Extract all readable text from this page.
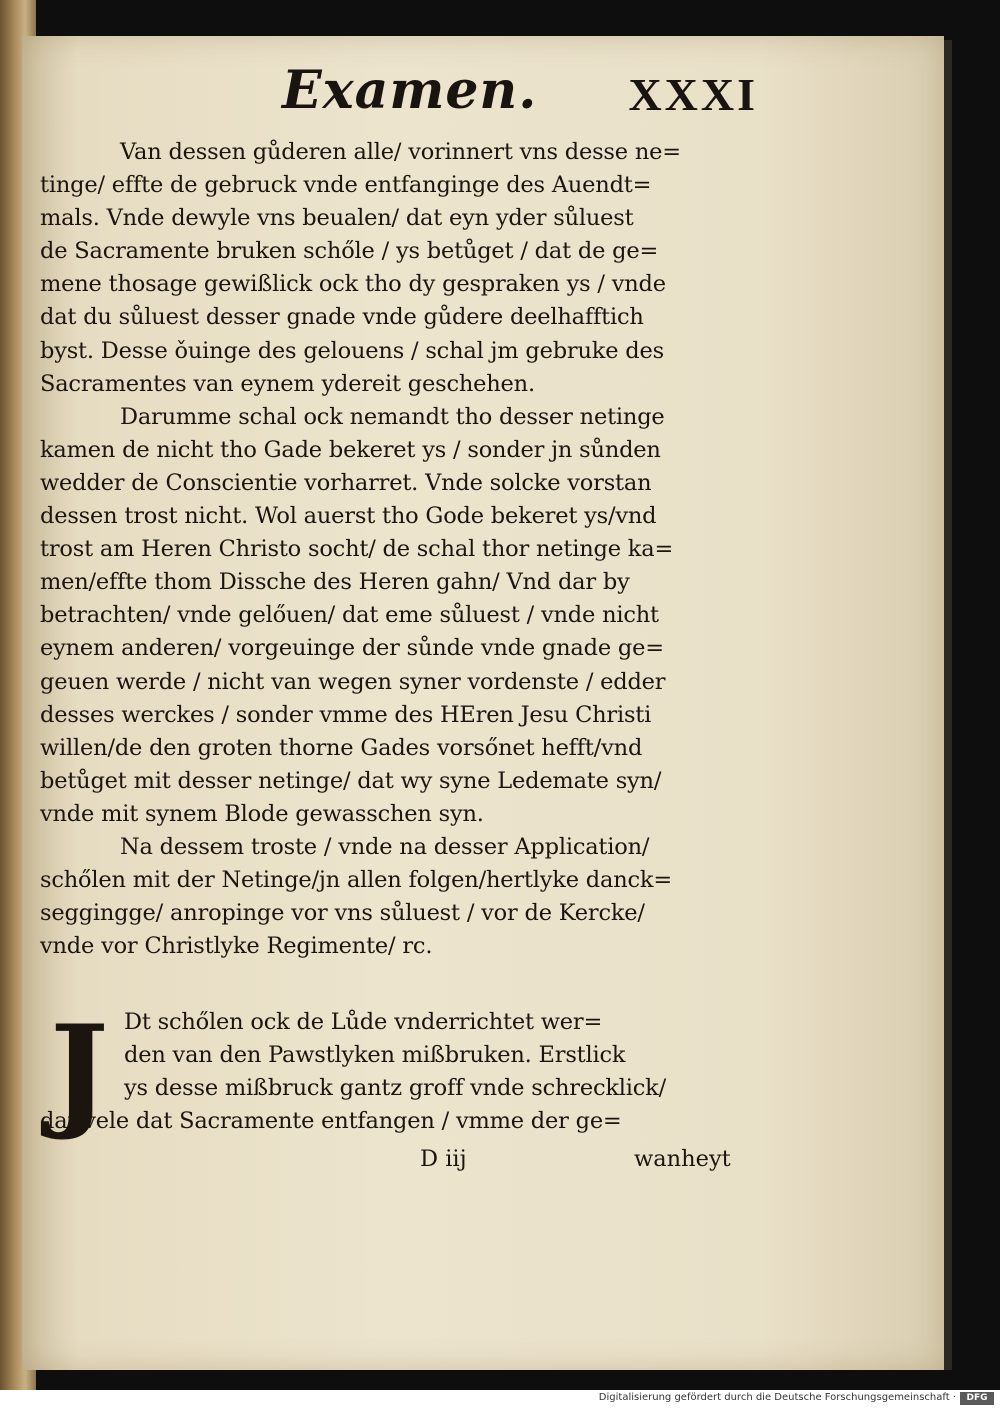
Examen. XXXI
Van dessen gůderen alle/ vorinnert vns desse ne=
tinge/ effte de gebruck vnde entfanginge des Auendt=
mals. Vnde dewyle vns beualen/ dat eyn yder sůluest
de Sacramente bruken schőle / ys betůget / dat de ge=
mene thosage gewißlick ock tho dy gespraken ys / vnde
dat du sůluest desser gnade vnde gůdere deelhafftich
byst. Desse ǒuinge des gelouens / schal jm gebruke des
Sacramentes van eynem ydereit geschehen.
Darumme schal ock nemandt tho desser netinge
kamen de nicht tho Gade bekeret ys / sonder jn sůnden
wedder de Conscientie vorharret. Vnde solcke vorstan
dessen trost nicht. Wol auerst tho Gode bekeret ys/vnd
trost am Heren Christo socht/ de schal thor netinge ka=
men/effte thom Dissche des Heren gahn/ Vnd dar by
betrachten/ vnde gelőuen/ dat eme sůluest / vnde nicht
eynem anderen/ vorgeuinge der sůnde vnde gnade ge=
geuen werde / nicht van wegen syner vordenste / edder
desses werckes / sonder vmme des HEren Jesu Christi
willen/de den groten thorne Gades vorsőnet hefft/vnd
betůget mit desser netinge/ dat wy syne Ledemate syn/
vnde mit synem Blode gewasschen syn.
Na dessem troste / vnde na desser Application/
schőlen mit der Netinge/jn allen folgen/hertlyke danck=
seggingge/ anropinge vor vns sůluest / vor de Kercke/
vnde vor Christlyke Regimente/ rc.
J Dt schőlen ock de Lůde vnderrichtet wer=
den van den Pawstlyken mißbruken. Erstlick
ys desse mißbruck gantz groff vnde schrecklick/
dat vele dat Sacramente entfangen / vmme der ge=
D iij	wanheyt
Digitalisierung gefördert durch die Deutsche Forschungsgemeinschaft ·	DFG
